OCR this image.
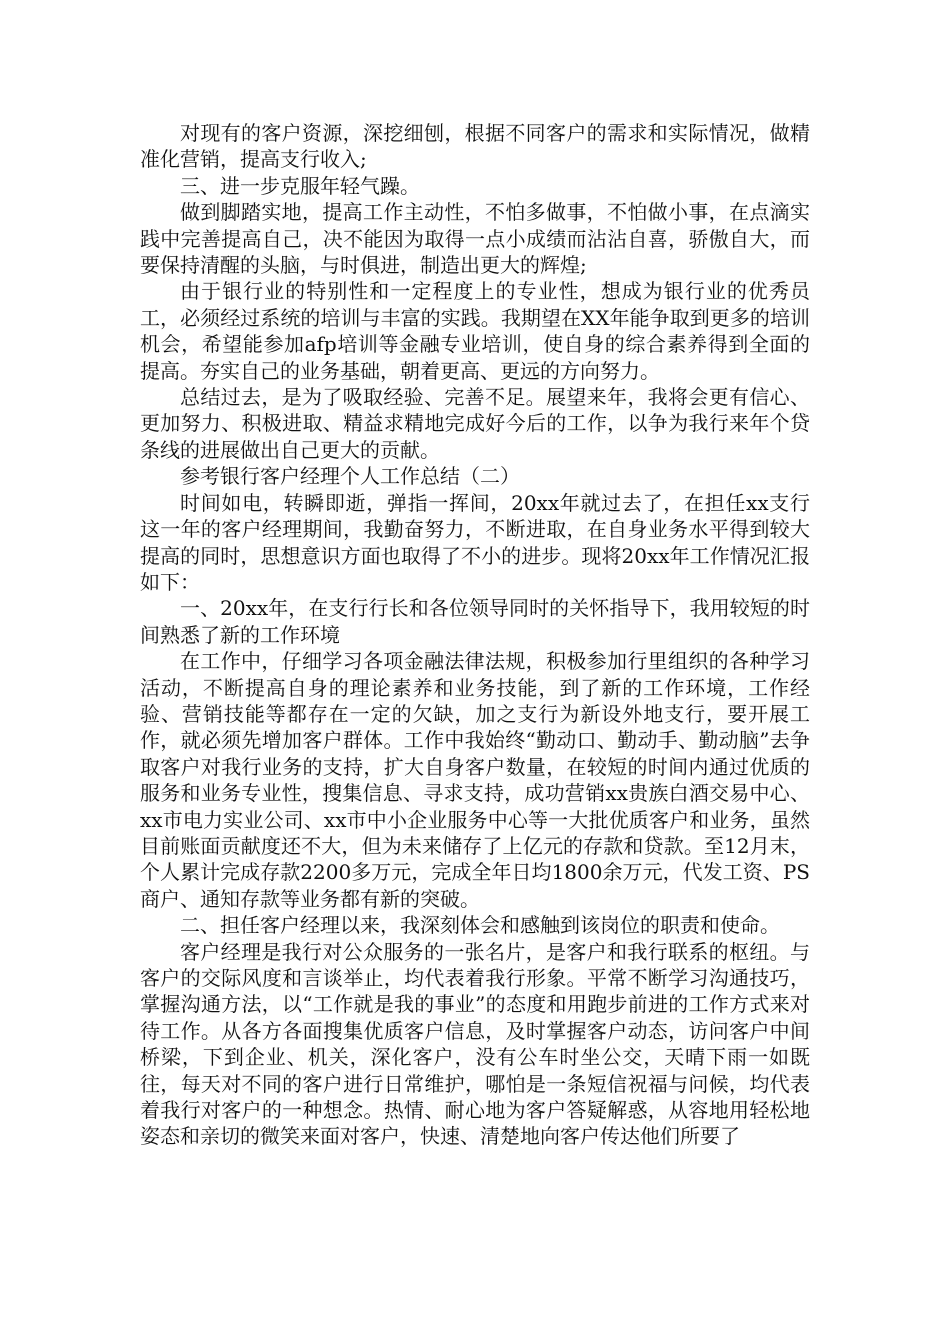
对现有的客户资源，深挖细刨，根据不同客户的需求和实际情况，做精准化营销，提高支行收入;

三、进一步克服年轻气躁。

做到脚踏实地，提高工作主动性，不怕多做事，不怕做小事，在点滴实践中完善提高自己，决不能因为取得一点小成绩而沾沾自喜，骄傲自大，而要保持清醒的头脑，与时俱进，制造出更大的辉煌;

由于银行业的特别性和一定程度上的专业性，想成为银行业的优秀员工，必须经过系统的培训与丰富的实践。我期望在XX年能争取到更多的培训机会，希望能参加afp培训等金融专业培训，使自身的综合素养得到全面的提高。夯实自己的业务基础，朝着更高、更远的方向努力。

总结过去，是为了吸取经验、完善不足。展望来年，我将会更有信心、更加努力、积极进取、精益求精地完成好今后的工作，以争为我行来年个贷条线的进展做出自己更大的贡献。

参考银行客户经理个人工作总结（二）

时间如电，转瞬即逝，弹指一挥间，20xx年就过去了，在担任xx支行这一年的客户经理期间，我勤奋努力，不断进取，在自身业务水平得到较大提高的同时，思想意识方面也取得了不小的进步。现将20xx年工作情况汇报如下：

一、20xx年，在支行行长和各位领导同时的关怀指导下，我用较短的时间熟悉了新的工作环境

在工作中，仔细学习各项金融法律法规，积极参加行里组织的各种学习活动，不断提高自身的理论素养和业务技能，到了新的工作环境，工作经验、营销技能等都存在一定的欠缺，加之支行为新设外地支行，要开展工作，就必须先增加客户群体。工作中我始终“勤动口、勤动手、勤动脑”去争取客户对我行业务的支持，扩大自身客户数量，在较短的时间内通过优质的服务和业务专业性，搜集信息、寻求支持，成功营销xx贵族白酒交易中心、xx市电力实业公司、xx市中小企业服务中心等一大批优质客户和业务，虽然目前账面贡献度还不大，但为未来储存了上亿元的存款和贷款。至12月末，个人累计完成存款2200多万元，完成全年日均1800余万元，代发工资、PS商户、通知存款等业务都有新的突破。

二、担任客户经理以来，我深刻体会和感触到该岗位的职责和使命。

客户经理是我行对公众服务的一张名片，是客户和我行联系的枢纽。与客户的交际风度和言谈举止，均代表着我行形象。平常不断学习沟通技巧，掌握沟通方法，以“工作就是我的事业”的态度和用跑步前进的工作方式来对待工作。从各方各面搜集优质客户信息，及时掌握客户动态，访问客户中间桥梁，下到企业、机关，深化客户，没有公车时坐公交，天晴下雨一如既往，每天对不同的客户进行日常维护，哪怕是一条短信祝福与问候，均代表着我行对客户的一种想念。热情、耐心地为客户答疑解惑，从容地用轻松地姿态和亲切的微笑来面对客户，快速、清楚地向客户传达他们所要了
